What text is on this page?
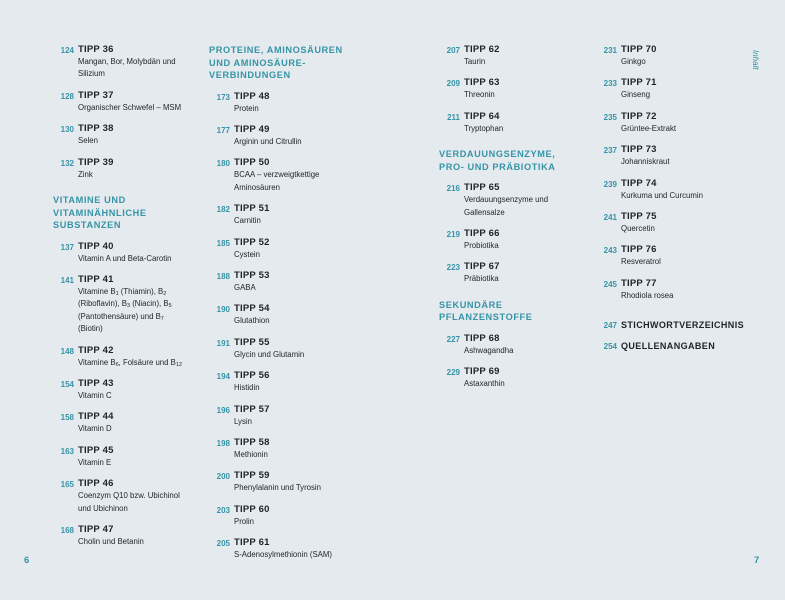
Inhalt
124 TIPP 36
Mangan, Bor, Molybdän und
Silizium
128 TIPP 37
Organischer Schwefel – MSM
130 TIPP 38
Selen
132 TIPP 39
Zink
VITAMINE UND
VITAMINÄHNLICHE
SUBSTANZEN
137 TIPP 40
Vitamin A und Beta-Carotin
141 TIPP 41
Vitamine $B_1$ (Thiamin), $B_2$
(Riboflavin), $B_3$ (Niacin), $B_5$
(Pantothensäure) und $B_7$
(Biotin)
148 TIPP 42
Vitamine $B_6$, Folsäure und $B_{12}$
154 TIPP 43
Vitamin C
158 TIPP 44
Vitamin D
163 TIPP 45
Vitamin E
165 TIPP 46
Coenzym Q10 bzw. Ubichinol
und Ubichinon
168 TIPP 47
Cholin und Betanin
PROTEINE, AMINOSÄUREN
UND AMINOSÄURE-
VERBINDUNGEN
173 TIPP 48
Protein
177 TIPP 49
Arginin und Citrullin
180 TIPP 50
BCAA – verzweigtkettige
Aminosäuren
182 TIPP 51
Carnitin
185 TIPP 52
Cystein
188 TIPP 53
GABA
190 TIPP 54
Glutathion
191 TIPP 55
Glycin und Glutamin
194 TIPP 56
Histidin
196 TIPP 57
Lysin
198 TIPP 58
Methionin
200 TIPP 59
Phenylalanin und Tyrosin
203 TIPP 60
Prolin
205 TIPP 61
S-Adenosylmethionin (SAM)
207 TIPP 62
Taurin
209 TIPP 63
Threonin
211 TIPP 64
Tryptophan
VERDAUUNGSENZYME,
PRO- UND PRÄBIOTIKA
216 TIPP 65
Verdauungsenzyme und
Gallensalze
219 TIPP 66
Probiotika
223 TIPP 67
Präbiotika
SEKUNDÄRE
PFLANZENSTOFFE
227 TIPP 68
Ashwagandha
229 TIPP 69
Astaxanthin
231 TIPP 70
Ginkgo
233 TIPP 71
Ginseng
235 TIPP 72
Grüntee-Extrakt
237 TIPP 73
Johanniskraut
239 TIPP 74
Kurkuma und Curcumin
241 TIPP 75
Quercetin
243 TIPP 76
Resveratrol
245 TIPP 77
Rhodiola rosea
247 STICHWORTVERZEICHNIS
254 QUELLENANGABEN
6	7
